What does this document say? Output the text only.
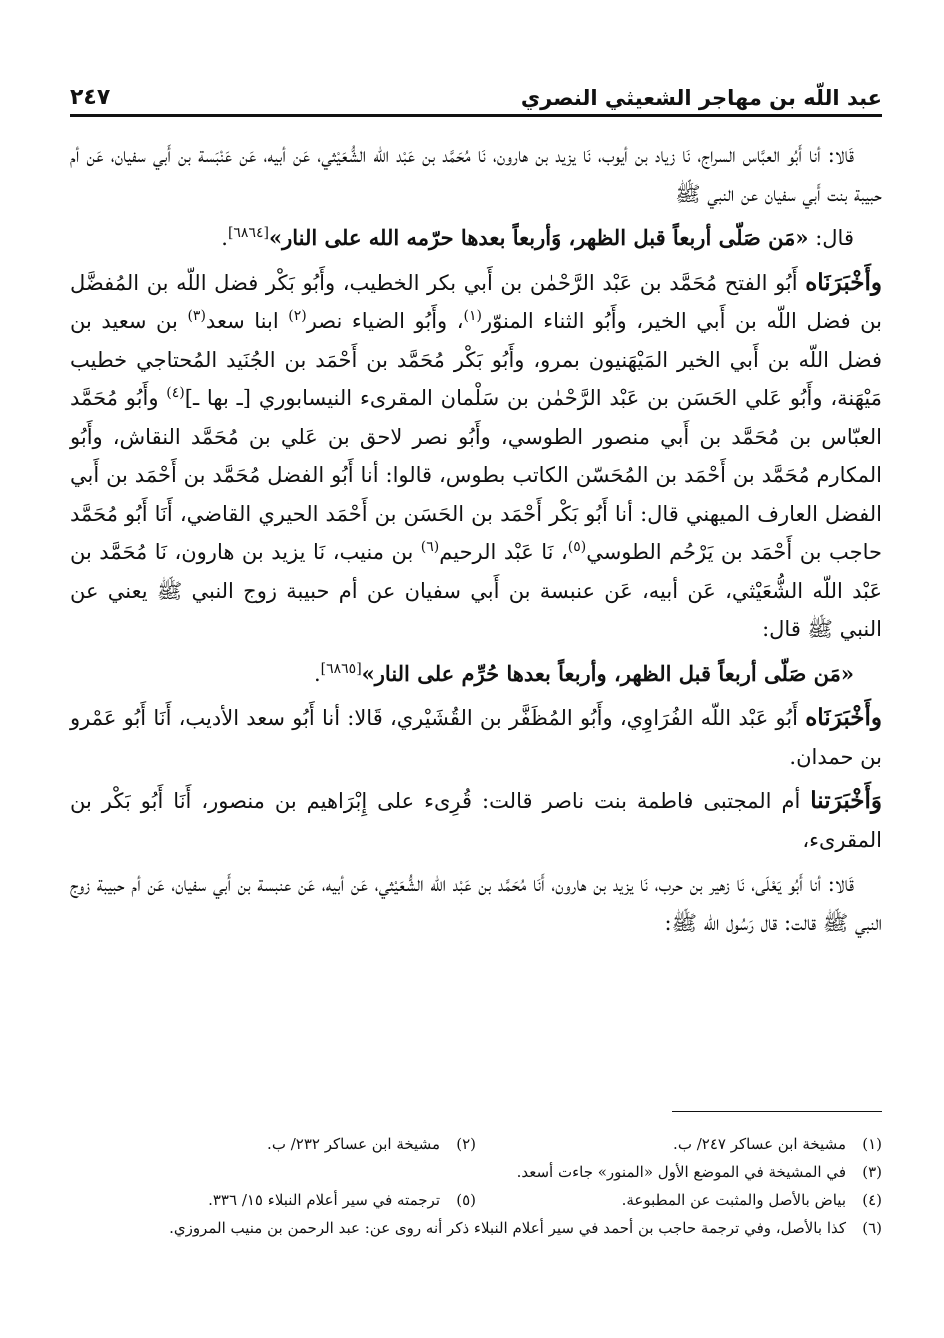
عبد اللّه بن مهاجر الشعيثي النصري
٢٤٧

قَالا: أنا أَبُو العبَّاس السراج، نَا زياد بن أيوب، نَا يزيد بن هارون، نَا مُحَمَّد بن عَبْد اللّه الشُّعَيْثي، عَن أبيه، عَن عَنْبَسة بن أَبي سفيان، عَن أم حبيبة بنت أَبي سفيان عن النبي ﷺ

قال: «مَن صَلّى أربعاً قبل الظهر، وَأربعاً بعدها حرّمه الله على النار»[٦٨٦٤].

وأَخْبَرَنَاه أَبُو الفتح مُحَمَّد بن عَبْد الرَّحْمٰن بن أَبي بكر الخطيب، وأَبُو بَكْر فضل اللّه بن المُفضَّل بن فضل اللّه بن أَبي الخير، وأَبُو الثناء المنوّر$^{(١)}$، وأَبُو الضياء نصر$^{(٢)}$ ابنا سعد$^{(٣)}$ بن سعيد بن فضل اللّه بن أَبي الخير المَيْهَنيون بمرو، وأَبُو بَكْر مُحَمَّد بن أَحْمَد بن الجُنَيد المُحتاجي خطيب مَيْهَنة، وأَبُو عَلي الحَسَن بن عَبْد الرَّحْمٰن بن سَلْمان المقرىء النيسابوري [ـ بها ـ]$^{(٤)}$ وأَبُو مُحَمَّد العبّاس بن مُحَمَّد بن أَبي منصور الطوسي، وأَبُو نصر لاحق بن عَلي بن مُحَمَّد النقاش، وأَبُو المكارم مُحَمَّد بن أَحْمَد بن المُحَسّن الكاتب بطوس، قالوا: أنا أَبُو الفضل مُحَمَّد بن أَحْمَد بن أَبي الفضل العارف الميهني قال: أنا أَبُو بَكْر أَحْمَد بن الحَسَن بن أَحْمَد الحيري القاضي، أَنَا أَبُو مُحَمَّد حاجب بن أَحْمَد بن يَرْحُم الطوسي$^{(٥)}$، نَا عَبْد الرحيم$^{(٦)}$ بن منيب، نَا يزيد بن هارون، نَا مُحَمَّد بن عَبْد اللّه الشُّعَيْثي، عَن أبيه، عَن عنبسة بن أَبي سفيان عن أم حبيبة زوج النبي ﷺ يعني عن النبي ﷺ قال:

«مَن صَلّى أربعاً قبل الظهر، وأربعاً بعدها حُرِّم على النار»[٦٨٦٥].

وأَخْبَرَنَاه أَبُو عَبْد اللّه الفُرَاوِي، وأَبُو المُظَفَّر بن القُشَيْري، قَالا: أنا أَبُو سعد الأديب، أَنَا أَبُو عَمْرو بن حمدان.

وَأَخْبَرَتنا أم المجتبى فاطمة بنت ناصر قالت: قُرِىء على إِبْرَاهيم بن منصور، أَنَا أَبُو بَكْر بن المقرىء،

قَالا: أنا أَبُو يَعْلَى، نَا زهير بن حرب، نَا يزيد بن هارون، أَنَا مُحَمَّد بن عَبْد اللّه الشُّعَيْثي، عَن أبيه، عَن عنبسة بن أَبي سفيان، عَن أم حبيبة زوج النبي ﷺ قالت: قال رَسُول اللّه ﷺ:

(١)
مشيخة ابن عساكر ٢٤٧/ ب.
(٢)
مشيخة ابن عساكر ٢٣٢/ ب.
(٣)
في المشيخة في الموضع الأول «المنور» جاءت أسعد.
(٤)
بياض بالأصل والمثبت عن المطبوعة.
(٥)
ترجمته في سير أعلام النبلاء ١٥/ ٣٣٦.
(٦)
كذا بالأصل، وفي ترجمة حاجب بن أحمد في سير أعلام النبلاء ذكر أنه روى عن: عبد الرحمن بن منيب المروزي.
